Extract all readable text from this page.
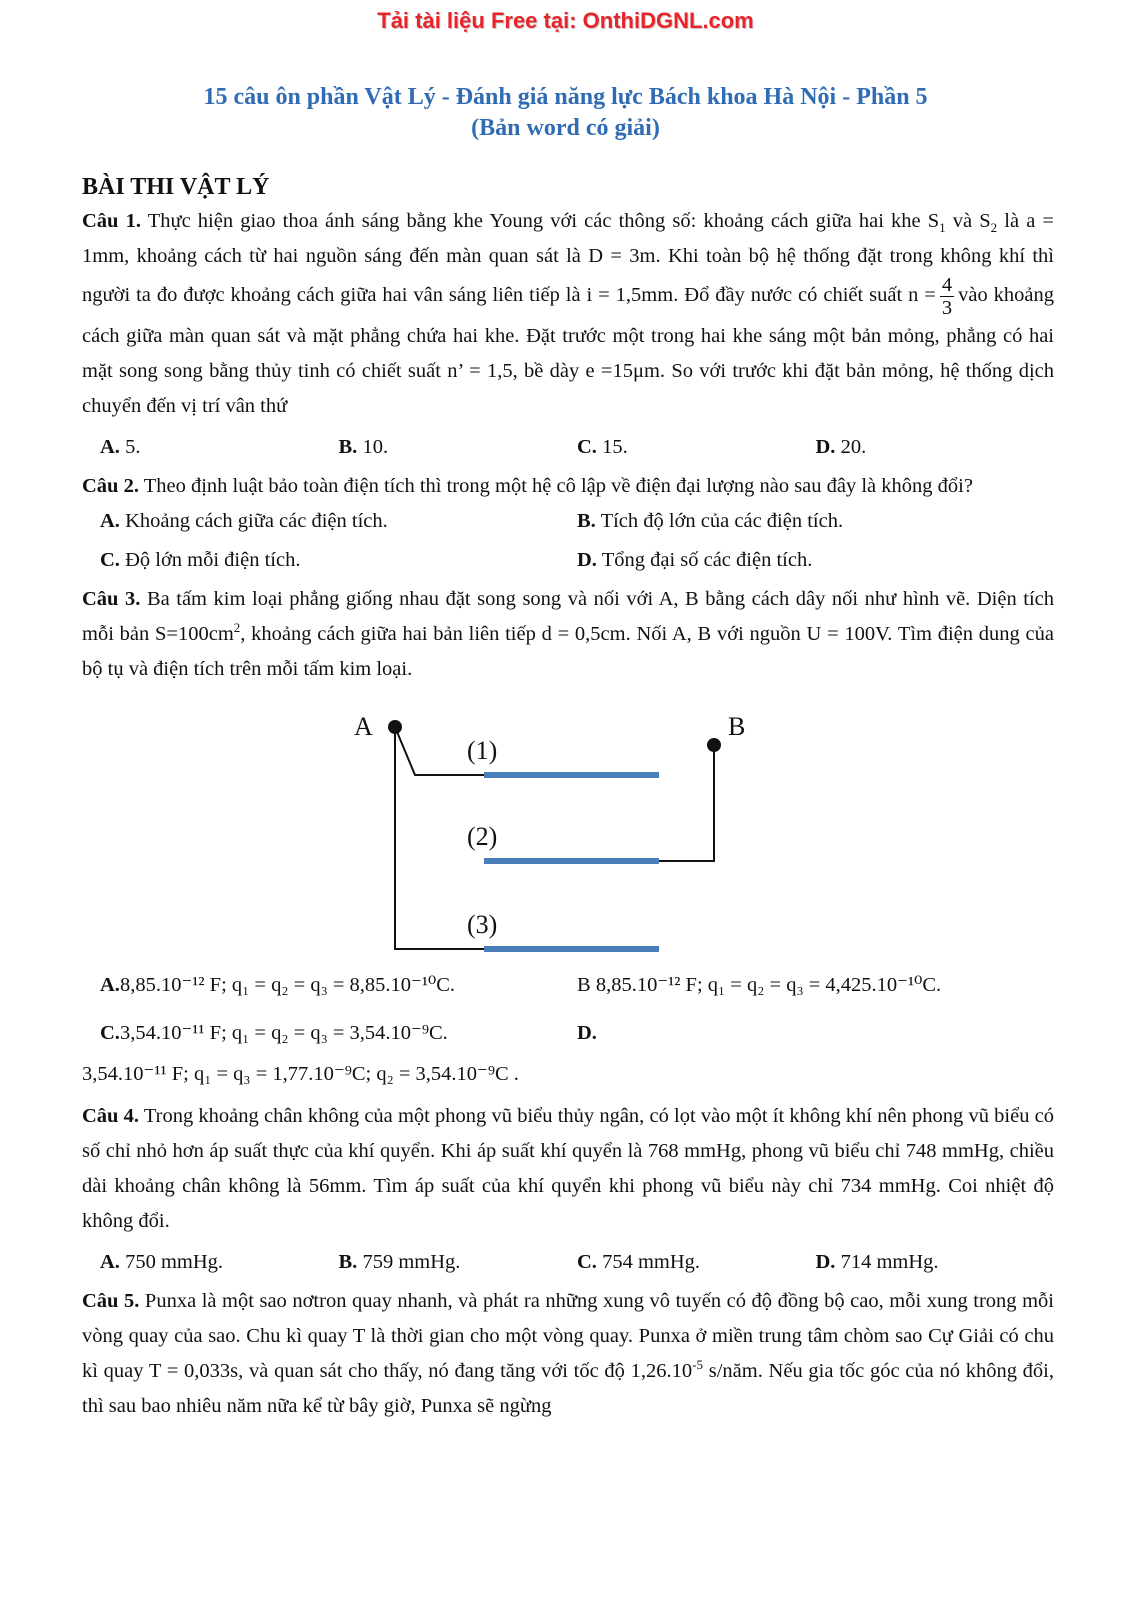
Tải tài liệu Free tại: OnthiDGNL.com
15 câu ôn phần Vật Lý - Đánh giá năng lực Bách khoa Hà Nội - Phần 5
(Bản word có giải)
BÀI THI VẬT LÝ

Câu 1. Thực hiện giao thoa ánh sáng bằng khe Young với các thông số: khoảng cách giữa hai khe $S_1$ và $S_2$ là a = 1mm, khoảng cách từ hai nguồn sáng đến màn quan sát là D = 3m. Khi toàn bộ hệ thống đặt trong không khí thì người ta đo được khoảng cách giữa hai vân sáng liên tiếp là i = 1,5mm. Đổ đầy nước có chiết suất $n = \frac{4}{3}$ vào khoảng cách giữa màn quan sát và mặt phẳng chứa hai khe. Đặt trước một trong hai khe sáng một bản mỏng, phẳng có hai mặt song song bằng thủy tinh có chiết suất n’ = 1,5, bề dày e =15μm. So với trước khi đặt bản mỏng, hệ thống dịch chuyển đến vị trí vân thứ

A. 5.	B. 10.	C. 15.	D. 20.

Câu 2. Theo định luật bảo toàn điện tích thì trong một hệ cô lập về điện đại lượng nào sau đây là không đổi?

A. Khoảng cách giữa các điện tích.	B. Tích độ lớn của các điện tích.
C. Độ lớn mỗi điện tích.	D. Tổng đại số các điện tích.

Câu 3. Ba tấm kim loại phẳng giống nhau đặt song song và nối với A, B bằng cách dây nối như hình vẽ. Diện tích mỗi bản $S=100cm^2$, khoảng cách giữa hai bản liên tiếp d = 0,5cm. Nối A, B với nguồn U = 100V. Tìm điện dung của bộ tụ và điện tích trên mỗi tấm kim loại.

A	B
(1)
(2)
(3)
A.8,85.10⁻¹² F; q₁ = q₂ = q₃ = 8,85.10⁻¹⁰C.	B 8,85.10⁻¹² F; q₁ = q₂ = q₃ = 4,425.10⁻¹⁰C.
C.3,54.10⁻¹¹ F; q₁ = q₂ = q₃ = 3,54.10⁻⁹C.	D.
3,54.10⁻¹¹ F; q₁ = q₃ = 1,77.10⁻⁹C; q₂ = 3,54.10⁻⁹C .

Câu 4. Trong khoảng chân không của một phong vũ biểu thủy ngân, có lọt vào một ít không khí nên phong vũ biểu có số chỉ nhỏ hơn áp suất thực của khí quyển. Khi áp suất khí quyển là 768 mmHg, phong vũ biểu chỉ 748 mmHg, chiều dài khoảng chân không là 56mm. Tìm áp suất của khí quyển khi phong vũ biểu này chỉ 734 mmHg. Coi nhiệt độ không đổi.

A. 750 mmHg.	B. 759 mmHg.	C. 754 mmHg.	D. 714 mmHg.

Câu 5. Punxa là một sao nơtron quay nhanh, và phát ra những xung vô tuyến có độ đồng bộ cao, mỗi xung trong mỗi vòng quay của sao. Chu kì quay T là thời gian cho một vòng quay. Punxa ở miền trung tâm chòm sao Cự Giải có chu kì quay T = 0,033s, và quan sát cho thấy, nó đang tăng với tốc độ $1,26.10^{-5}$ s/năm. Nếu gia tốc góc của nó không đổi, thì sau bao nhiêu năm nữa kể từ bây giờ, Punxa sẽ ngừng
